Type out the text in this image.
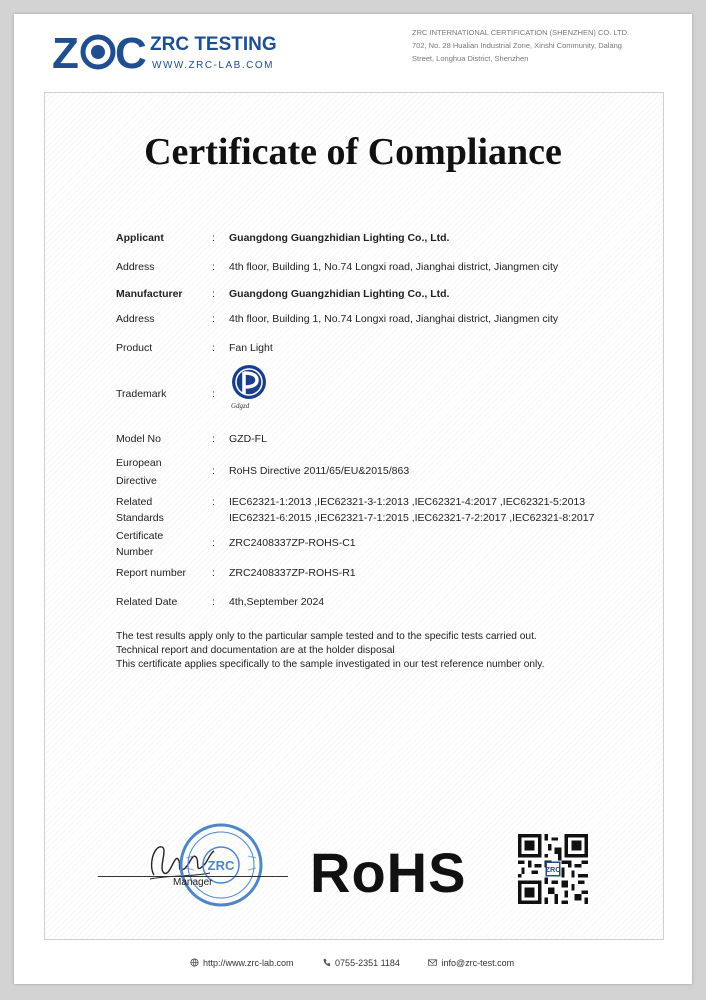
Z C ZRC TESTING
WWW.ZRC-LAB.COM
ZRC INTERNATIONAL CERTIFICATION (SHENZHEN) CO. LTD.
702, No. 28 Hualian Industrial Zone, Xinshi Community, Dalang
Street, Longhua District, Shenzhen
Certificate of Compliance
Applicant	: Guangdong Guangzhidian Lighting Co., Ltd.
Address	: 4th floor, Building 1, No.74 Longxi road, Jianghai district, Jiangmen city
Manufacturer	: Guangdong Guangzhidian Lighting Co., Ltd.
Address	: 4th floor, Building 1, No.74 Longxi road, Jianghai district, Jiangmen city
Product	: Fan Light
Trademark	:
Gdgzd
Model No	: GZD-FL
European
Directive
: RoHS Directive 2011/65/EU&2015/863
Related
Standards
: IEC62321-1:2013 ,IEC62321-3-1:2013 ,IEC62321-4:2017 ,IEC62321-5:2013
IEC62321-6:2015 ,IEC62321-7-1:2015 ,IEC62321-7-2:2017 ,IEC62321-8:2017
Certificate
Number
: ZRC2408337ZP-ROHS-C1
Report number	: ZRC2408337ZP-ROHS-R1
Related Date	: 4th,September 2024
The test results apply only to the particular sample tested and to the specific tests carried out.
Technical report and documentation are at the holder disposal
This certificate applies specifically to the sample investigated in our test reference number only.
ZRC
Manager RoHS	ZRC
http://www.zrc-lab.com	0755-2351 1184	info@zrc-test.com
